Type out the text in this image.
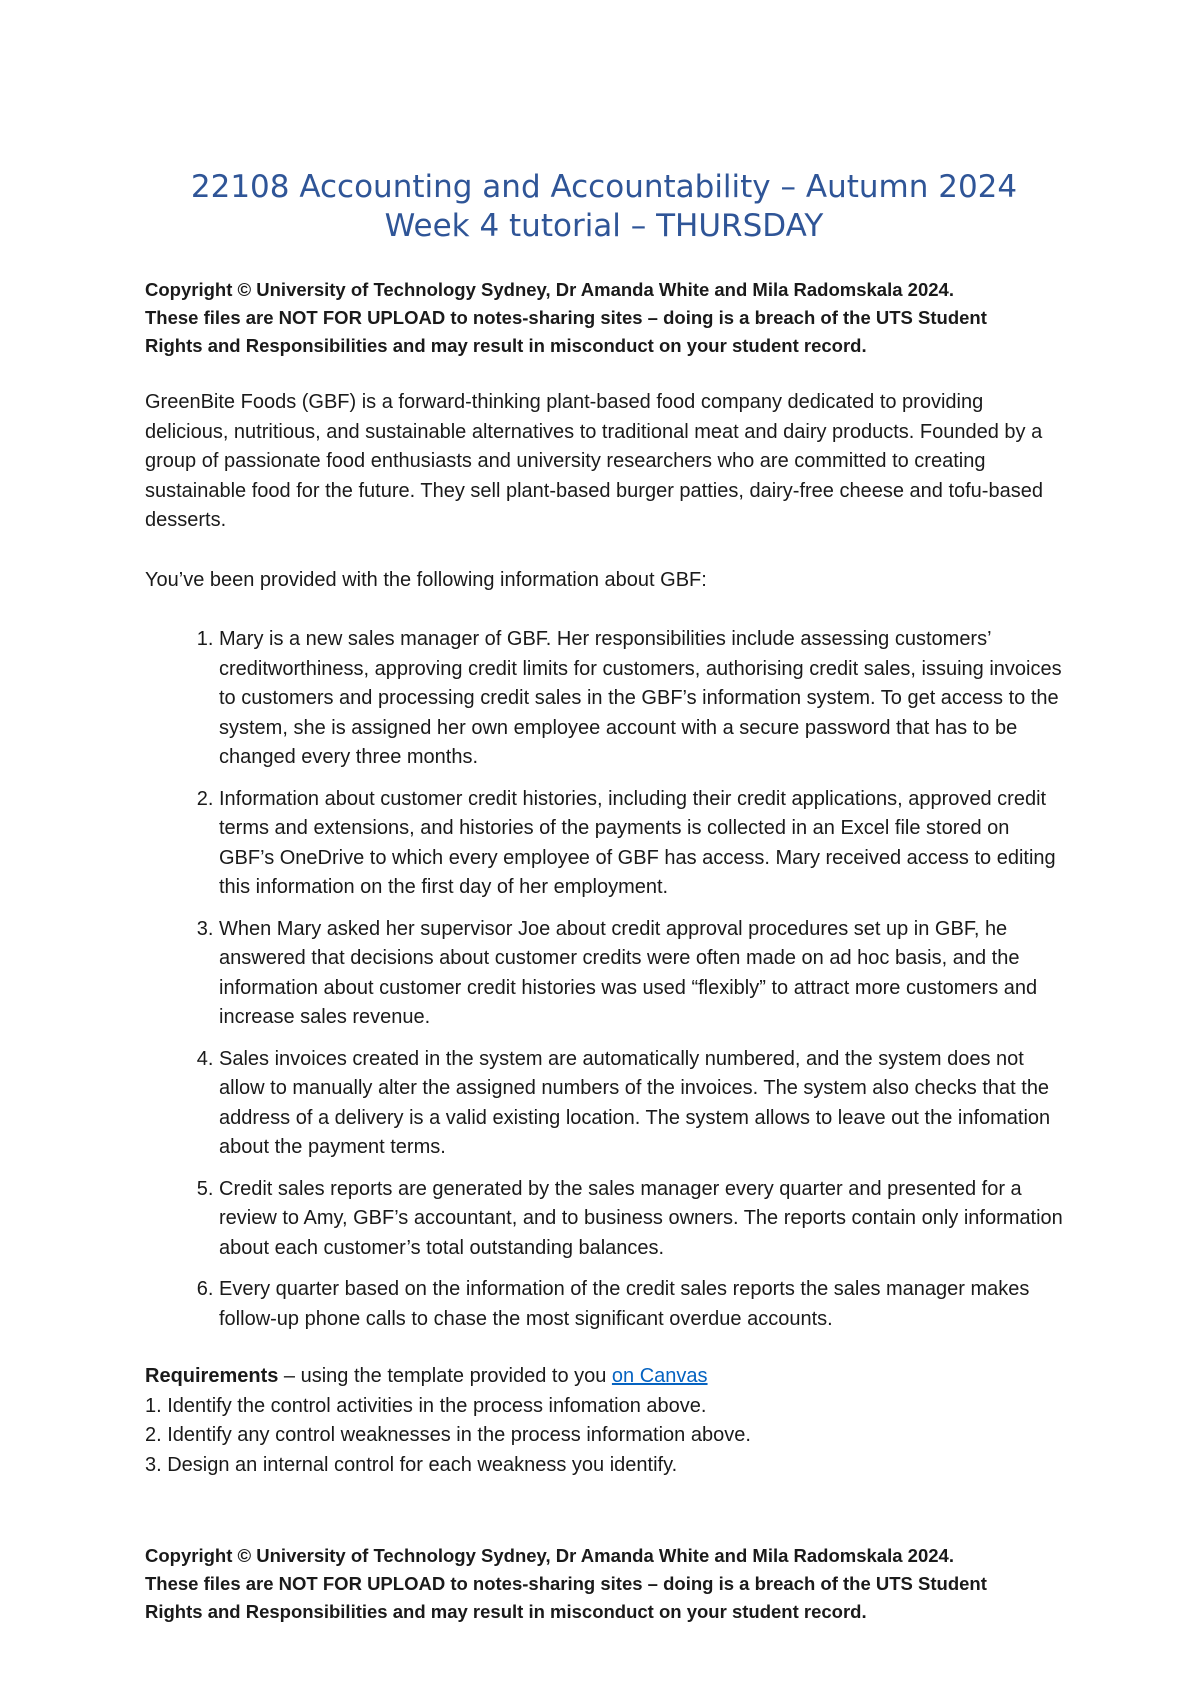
22108 Accounting and Accountability – Autumn 2024
Week 4 tutorial – THURSDAY
Copyright © University of Technology Sydney, Dr Amanda White and Mila Radomskala 2024.
These files are NOT FOR UPLOAD to notes-sharing sites – doing is a breach of the UTS Student
Rights and Responsibilities and may result in misconduct on your student record.

GreenBite Foods (GBF) is a forward-thinking plant-based food company dedicated to providing delicious, nutritious, and sustainable alternatives to traditional meat and dairy products. Founded by a group of passionate food enthusiasts and university researchers who are committed to creating sustainable food for the future. They sell plant-based burger patties, dairy-free cheese and tofu-based desserts.

You’ve been provided with the following information about GBF:

1. Mary is a new sales manager of GBF. Her responsibilities include assessing customers’ creditworthiness, approving credit limits for customers, authorising credit sales, issuing invoices to customers and processing credit sales in the GBF’s information system. To get access to the system, she is assigned her own employee account with a secure password that has to be changed every three months.
2. Information about customer credit histories, including their credit applications, approved credit terms and extensions, and histories of the payments is collected in an Excel file stored on GBF’s OneDrive to which every employee of GBF has access. Mary received access to editing this information on the first day of her employment.
3. When Mary asked her supervisor Joe about credit approval procedures set up in GBF, he answered that decisions about customer credits were often made on ad hoc basis, and the information about customer credit histories was used “flexibly” to attract more customers and increase sales revenue.
4. Sales invoices created in the system are automatically numbered, and the system does not allow to manually alter the assigned numbers of the invoices. The system also checks that the address of a delivery is a valid existing location. The system allows to leave out the infomation about the payment terms.
5. Credit sales reports are generated by the sales manager every quarter and presented for a review to Amy, GBF’s accountant, and to business owners. The reports contain only information about each customer’s total outstanding balances.
6. Every quarter based on the information of the credit sales reports the sales manager makes follow-up phone calls to chase the most significant overdue accounts.

Requirements – using the template provided to you on Canvas

1. Identify the control activities in the process infomation above.

2. Identify any control weaknesses in the process information above.

3. Design an internal control for each weakness you identify.

Copyright © University of Technology Sydney, Dr Amanda White and Mila Radomskala 2024.
These files are NOT FOR UPLOAD to notes-sharing sites – doing is a breach of the UTS Student
Rights and Responsibilities and may result in misconduct on your student record.
